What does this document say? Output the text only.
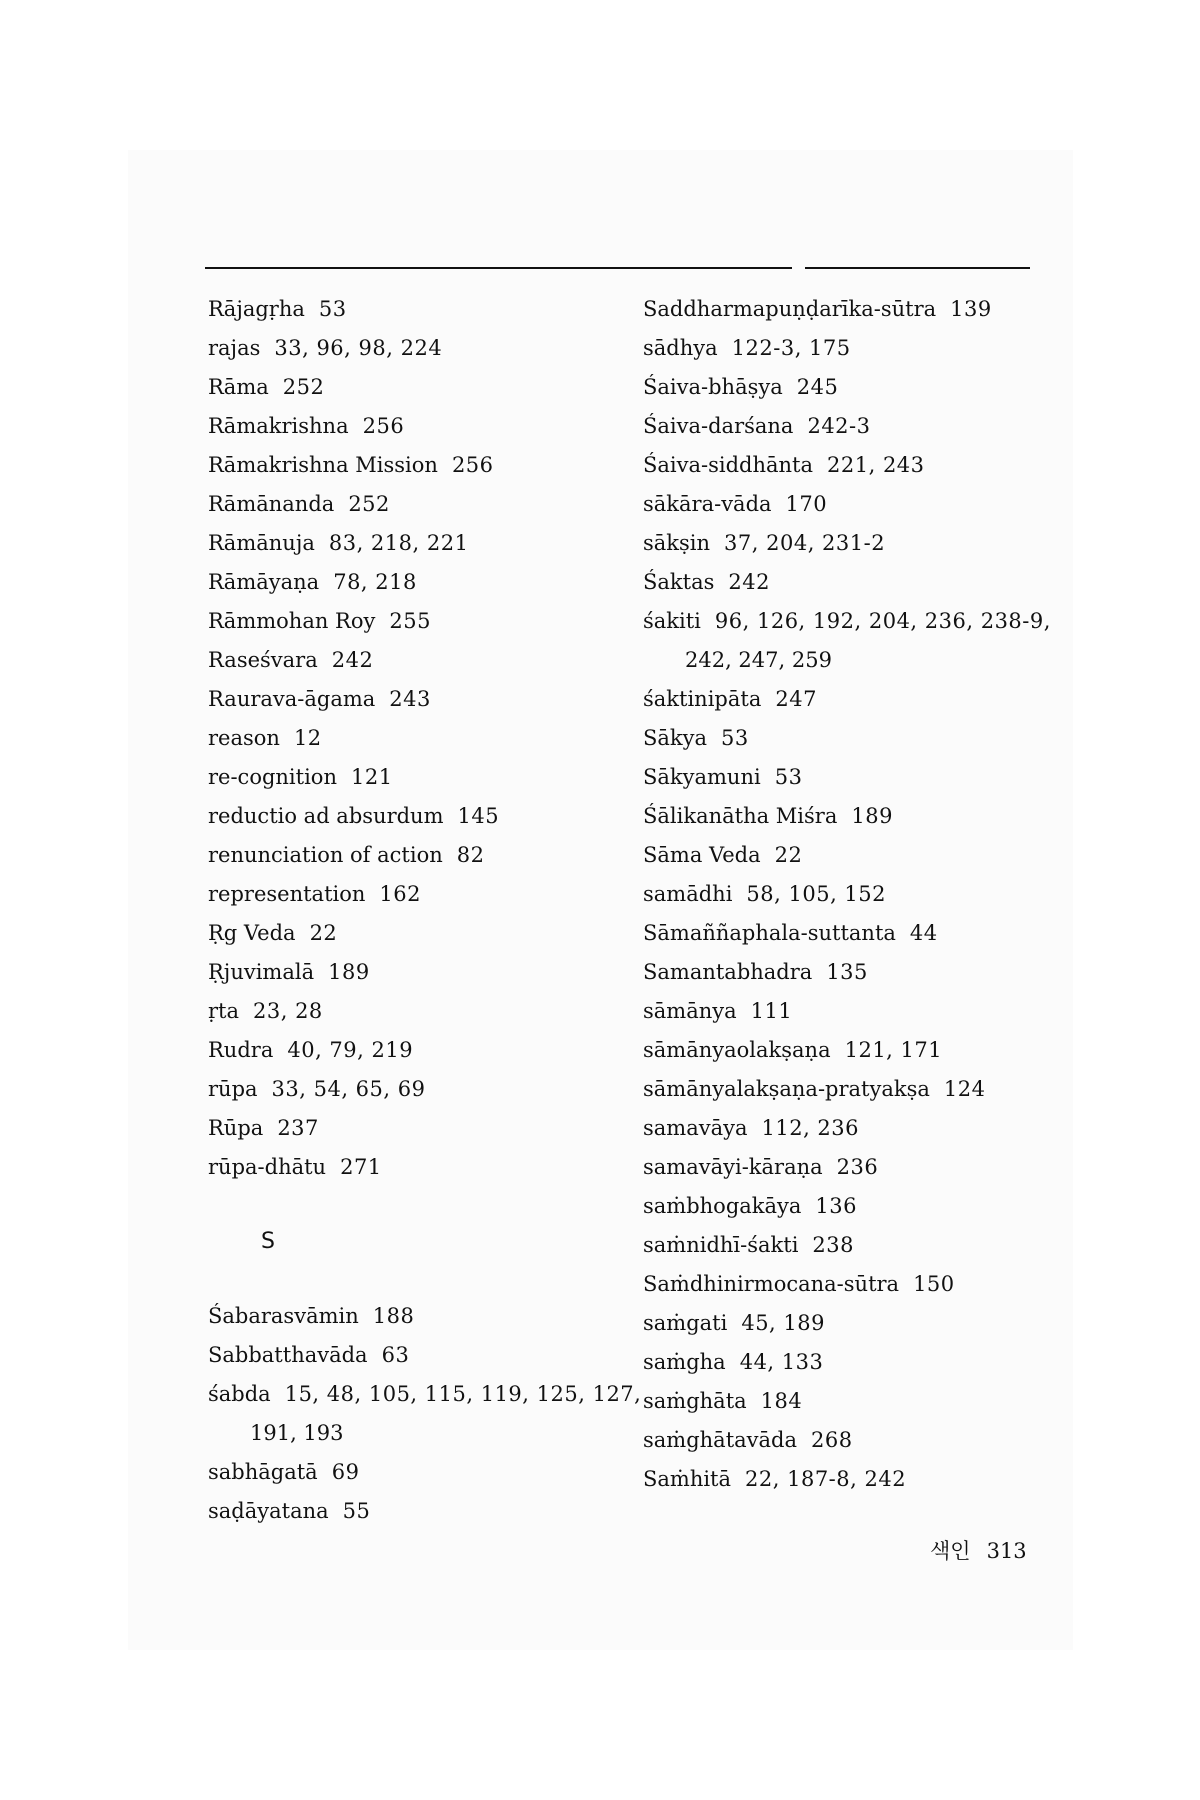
Rājagṛha 53
rajas 33, 96, 98, 224
Rāma 252
Rāmakrishna 256
Rāmakrishna Mission 256
Rāmānanda 252
Rāmānuja 83, 218, 221
Rāmāyaṇa 78, 218
Rāmmohan Roy 255
Raseśvara 242
Raurava-āgama 243
reason 12
re-cognition 121
reductio ad absurdum 145
renunciation of action 82
representation 162
Ṛg Veda 22
Ṛjuvimalā 189
ṛta 23, 28
Rudra 40, 79, 219
rūpa 33, 54, 65, 69
Rūpa 237
rūpa-dhātu 271
S
Śabarasvāmin 188
Sabbatthavāda 63
śabda 15, 48, 105, 115, 119, 125, 127,
191, 193
sabhāgatā 69
saḍāyatana 55
Saddharmapuṇḍarīka-sūtra 139
sādhya 122-3, 175
Śaiva-bhāṣya 245
Śaiva-darśana 242-3
Śaiva-siddhānta 221, 243
sākāra-vāda 170
sākṣin 37, 204, 231-2
Śaktas 242
śakiti 96, 126, 192, 204, 236, 238-9,
242, 247, 259
śaktinipāta 247
Sākya 53
Sākyamuni 53
Śālikanātha Miśra 189
Sāma Veda 22
samādhi 58, 105, 152
Sāmaññaphala-suttanta 44
Samantabhadra 135
sāmānya 111
sāmānyaolakṣaṇa 121, 171
sāmānyalakṣaṇa-pratyakṣa 124
samavāya 112, 236
samavāyi-kāraṇa 236
saṁbhogakāya 136
saṁnidhī-śakti 238
Saṁdhinirmocana-sūtra 150
saṁgati 45, 189
saṁgha 44, 133
saṁghāta 184
saṁghātavāda 268
Saṁhitā 22, 187-8, 242
색인 313
